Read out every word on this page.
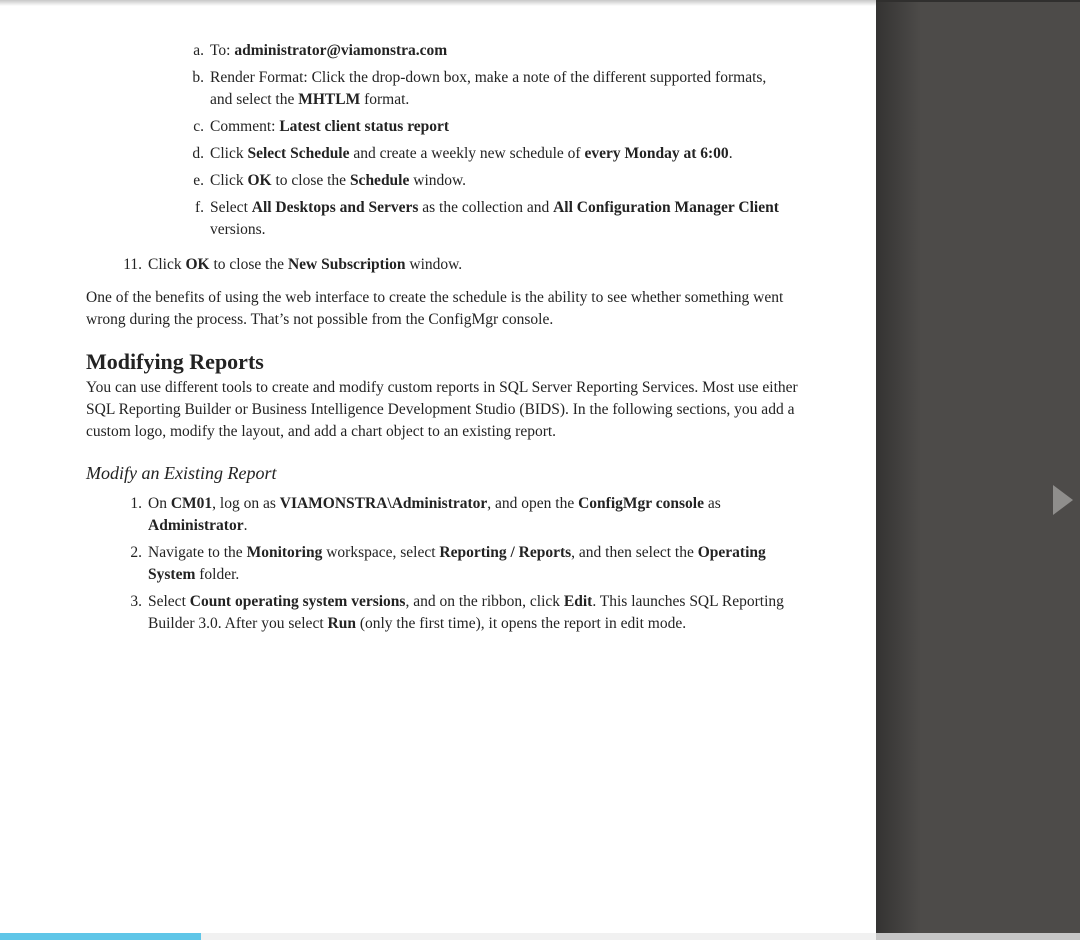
a. To: administrator@viamonstra.com
b. Render Format: Click the drop-down box, make a note of the different supported formats, and select the MHTLM format.
c. Comment: Latest client status report
d. Click Select Schedule and create a weekly new schedule of every Monday at 6:00.
e. Click OK to close the Schedule window.
f. Select All Desktops and Servers as the collection and All Configuration Manager Client versions.
11. Click OK to close the New Subscription window.

One of the benefits of using the web interface to create the schedule is the ability to see whether something went wrong during the process. That’s not possible from the ConfigMgr console.

Modifying Reports

You can use different tools to create and modify custom reports in SQL Server Reporting Services. Most use either SQL Reporting Builder or Business Intelligence Development Studio (BIDS). In the following sections, you add a custom logo, modify the layout, and add a chart object to an existing report.

Modify an Existing Report
1. On CM01, log on as VIAMONSTRA\Administrator, and open the ConfigMgr console as Administrator.
2. Navigate to the Monitoring workspace, select Reporting / Reports, and then select the Operating System folder.
3. Select Count operating system versions, and on the ribbon, click Edit. This launches SQL Reporting Builder 3.0. After you select Run (only the first time), it opens the report in edit mode.
